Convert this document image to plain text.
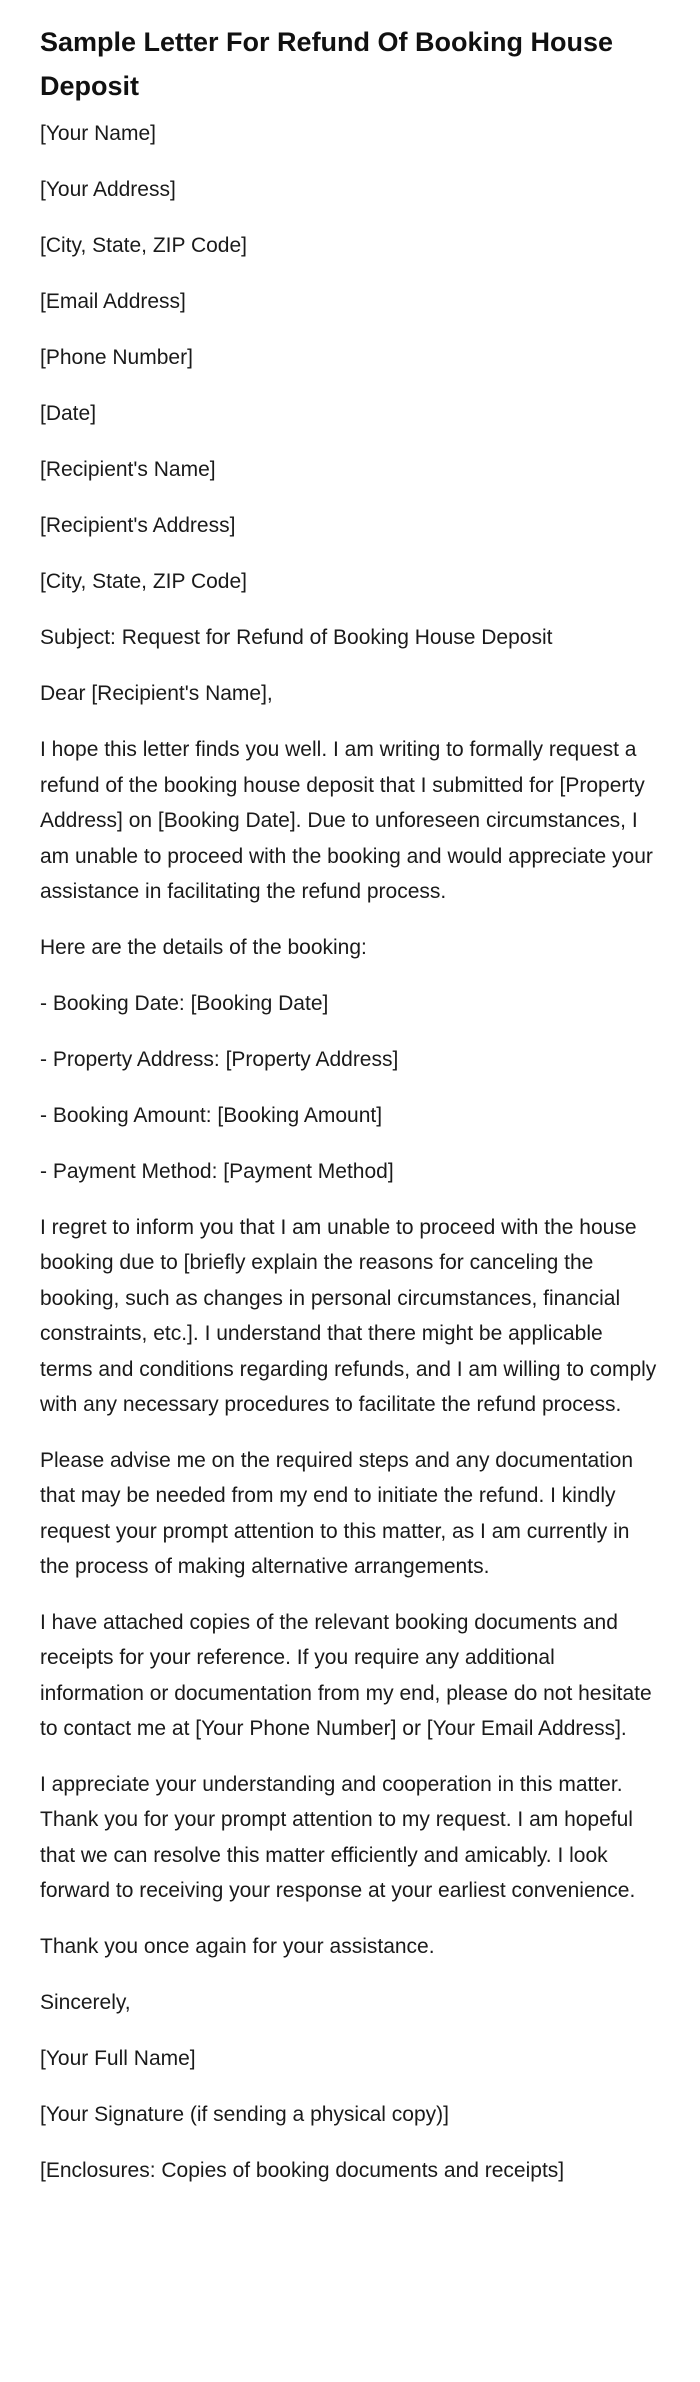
Sample Letter For Refund Of Booking House Deposit

[Your Name]

[Your Address]

[City, State, ZIP Code]

[Email Address]

[Phone Number]

[Date]

[Recipient's Name]

[Recipient's Address]

[City, State, ZIP Code]

Subject: Request for Refund of Booking House Deposit

Dear [Recipient's Name],

I hope this letter finds you well. I am writing to formally request a refund of the booking house deposit that I submitted for [Property Address] on [Booking Date]. Due to unforeseen circumstances, I am unable to proceed with the booking and would appreciate your assistance in facilitating the refund process.

Here are the details of the booking:

- Booking Date: [Booking Date]

- Property Address: [Property Address]

- Booking Amount: [Booking Amount]

- Payment Method: [Payment Method]

I regret to inform you that I am unable to proceed with the house booking due to [briefly explain the reasons for canceling the booking, such as changes in personal circumstances, financial constraints, etc.]. I understand that there might be applicable terms and conditions regarding refunds, and I am willing to comply with any necessary procedures to facilitate the refund process.

Please advise me on the required steps and any documentation that may be needed from my end to initiate the refund. I kindly request your prompt attention to this matter, as I am currently in the process of making alternative arrangements.

I have attached copies of the relevant booking documents and receipts for your reference. If you require any additional information or documentation from my end, please do not hesitate to contact me at [Your Phone Number] or [Your Email Address].

I appreciate your understanding and cooperation in this matter. Thank you for your prompt attention to my request. I am hopeful that we can resolve this matter efficiently and amicably. I look forward to receiving your response at your earliest convenience.

Thank you once again for your assistance.

Sincerely,

[Your Full Name]

[Your Signature (if sending a physical copy)]

[Enclosures: Copies of booking documents and receipts]
